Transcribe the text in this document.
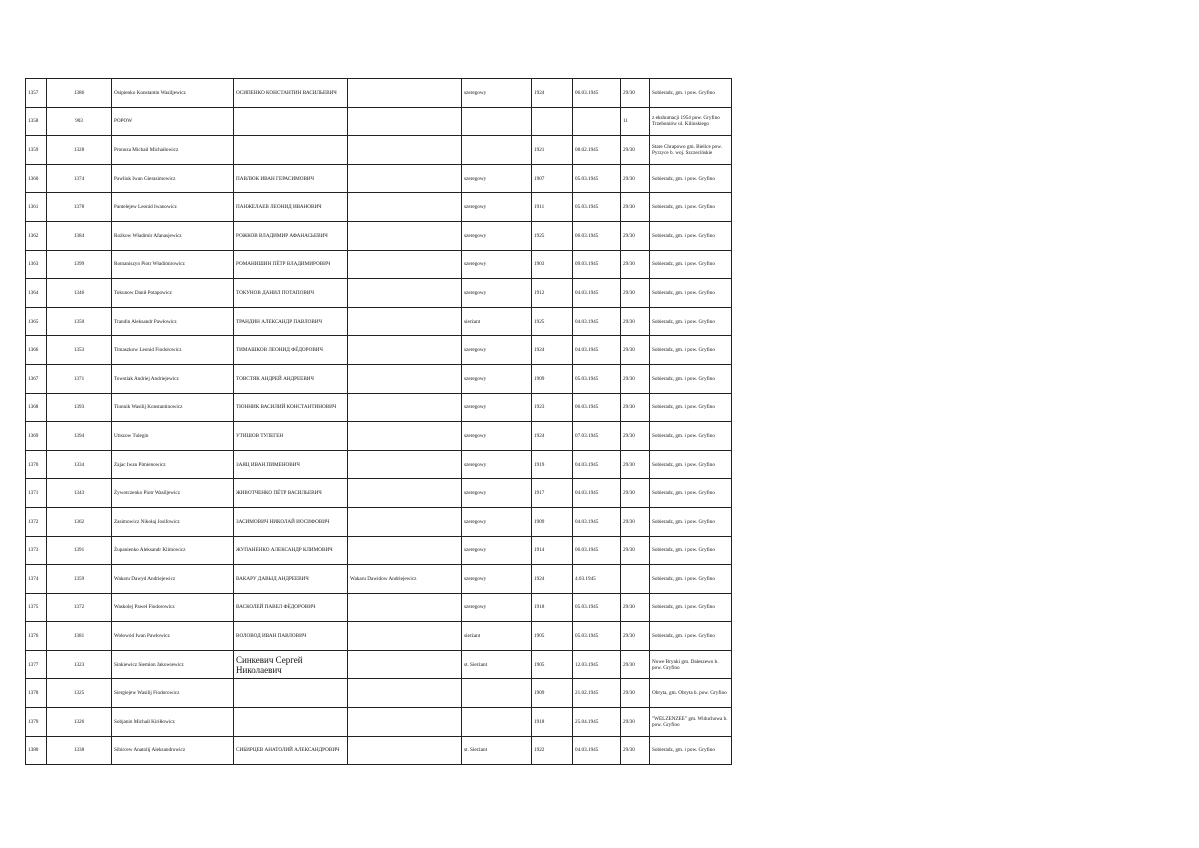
1357	1386	Osipienko Konstantin Wasiljewicz	ОСИПЕНКО КОНСТАНТИН ВАСИЛЬЕВИЧ		szeregowy	1924	06.03.1945	29/30	Sobieradz, gm. i pow. Gryfino
1358	903	POPOW						11	z ekshumacji 1954 pow. Gryfino Trzebuniów ul. Kilinskiego
1359	1328	Pronoza Michail Michaiłowicz				1921	08.02.1945	29/30	Stare Chrapowo gm. Bielice pow. Pyrzyce b. woj. Szczecińskie
1360	1374	Pawliuk Iwan Gierasimowicz	ПАВЛЮК ИВАН ГЕРАСИМОВИЧ		szeregowy	1907	05.03.1945	29/30	Sobieradz, gm. i pow. Gryfino
1361	1378	Pantelejew Leonid Iwanowicz	ПАНЖЕЛАЕВ ЛЕОНИД ИВАНОВИЧ		szeregowy	1911	05.03.1945	29/30	Sobieradz, gm. i pow. Gryfino
1362	1384	Rożkow Władimir Afanasjewicz	РОЖКОВ ВЛАДИМИР АФАНАСЬЕВИЧ		szeregowy	1925	06.03.1945	29/30	Sobieradz, gm. i pow. Gryfino
1363	1399	Romaniszyn Piotr Władimirowicz	РОМАНИШИН ПЁТР ВЛАДИМИРОВИЧ		szeregowy	1903	09.03.1945	29/30	Sobieradz, gm. i pow. Gryfino
1364	1346	Tokunow Danił Potapowicz	ТОКУНОВ ДАНИЛ ПОТАПОВИЧ		szeregowy	1912	04.03.1945	29/30	Sobieradz, gm. i pow. Gryfino
1365	1350	Trandin Aleksandr Pawłowicz	ТРАНДИН АЛЕКСАНДР ПАВЛОВИЧ		sierżant	1925	04.03.1945	29/30	Sobieradz, gm. i pow. Gryfino
1366	1353	Timaszkow Leonid Fiodorowicz	ТИМАШКОВ ЛЕОНИД ФЁДОРОВИЧ		szeregowy	1924	04.03.1945	29/30	Sobieradz, gm. i pow. Gryfino
1367	1371	Towstiak Andriej Andriejewicz	ТОВСТЯК АНДРЕЙ АНДРЕЕВИЧ		szeregowy	1909	05.03.1945	29/30	Sobieradz, gm. i pow. Gryfino
1368	1393	Tiunnik Wasilij Konstantinowicz	ТЮННИК ВАСИЛИЙ КОНСТАНТИНОВИЧ		szeregowy	1923	06.03.1945	29/30	Sobieradz, gm. i pow. Gryfino
1369	1394	Utiszow Tulegin	УТИШОВ ТУЛЕГЕН		szeregowy	1924	07.03.1945	29/30	Sobieradz, gm. i pow. Gryfino
1370	1334	Zajac Iwan Pimienowicz	ЗАЯЦ ИВАН ПИМЕНОВИЧ		szeregowy	1919	04.03.1945	29/30	Sobieradz, gm. i pow. Gryfino
1371	1343	Żywotczenko Piotr Wasiljewicz	ЖИВОТЧЕНКО ПЁТР ВАСИЛЬЕВИЧ		szeregowy	1917	04.03.1945	29/30	Sobieradz, gm. i pow. Gryfino
1372	1362	Zasimowicz Nikołaj Josifowicz	ЗАСИМОВИЧ НИКОЛАЙ ИОСИФОВИЧ		szeregowy	1909	04.03.1945	29/30	Sobieradz, gm. i pow. Gryfino
1373	1391	Żupanienko Aleksandr Klimowicz	ЖУПАНЕНКО АЛЕКСАНДР КЛИМОВИЧ		szeregowy	1914	06.03.1945	29/30	Sobieradz, gm. i pow. Gryfino
1374	1359	Wakaru Dawyd Andriejewicz	ВАКАРУ ДАВЫД АНДРЕЕВИЧ	Wakaru Dawidow Andriejewicz	szeregowy	1924	4.03.1945		Sobieradz, gm. i pow. Gryfino
1375	1372	Waskolej Paweł Fiodorowicz	ВАСКОЛЕЙ ПАВЕЛ ФЁДОРОВИЧ		szeregowy	1918	05.03.1945	29/30	Sobieradz, gm. i pow. Gryfino
1376	1381	Wołowód Iwan Pawłowicz	ВОЛОВОД ИВАН ПАВЛОВИЧ		sierżant	1905	05.03.1945	29/30	Sobieradz, gm. i pow. Gryfino
1377	1323	Sinkiewicz Siemion Jakowiewicz	Синкевич Сергей Николаевич		st. Sierżant	1905	12.03.1945	29/30	Nowe Brynki gm. Daleszewo b. pow. Gryfino
1378	1325	Siergiejew Wasilij Fiodorowicz				1909	21.02.1945	29/30	Obryta, gm. Obryta b. pow. Gryfino
1379	1326	Sobjanin Michaił Kiriłłowicz				1918	25.04.1945	29/30	"WELZENZEE" gm. Widuchowa b. pow. Gryfino
1380	1338	Sibircew Anatolij Aleksandrowicz	СИБИРЦЕВ АНАТОЛИЙ АЛЕКСАНДРОВИЧ		st. Sierżant	1922	04.03.1945	29/30	Sobieradz, gm. i pow. Gryfino
